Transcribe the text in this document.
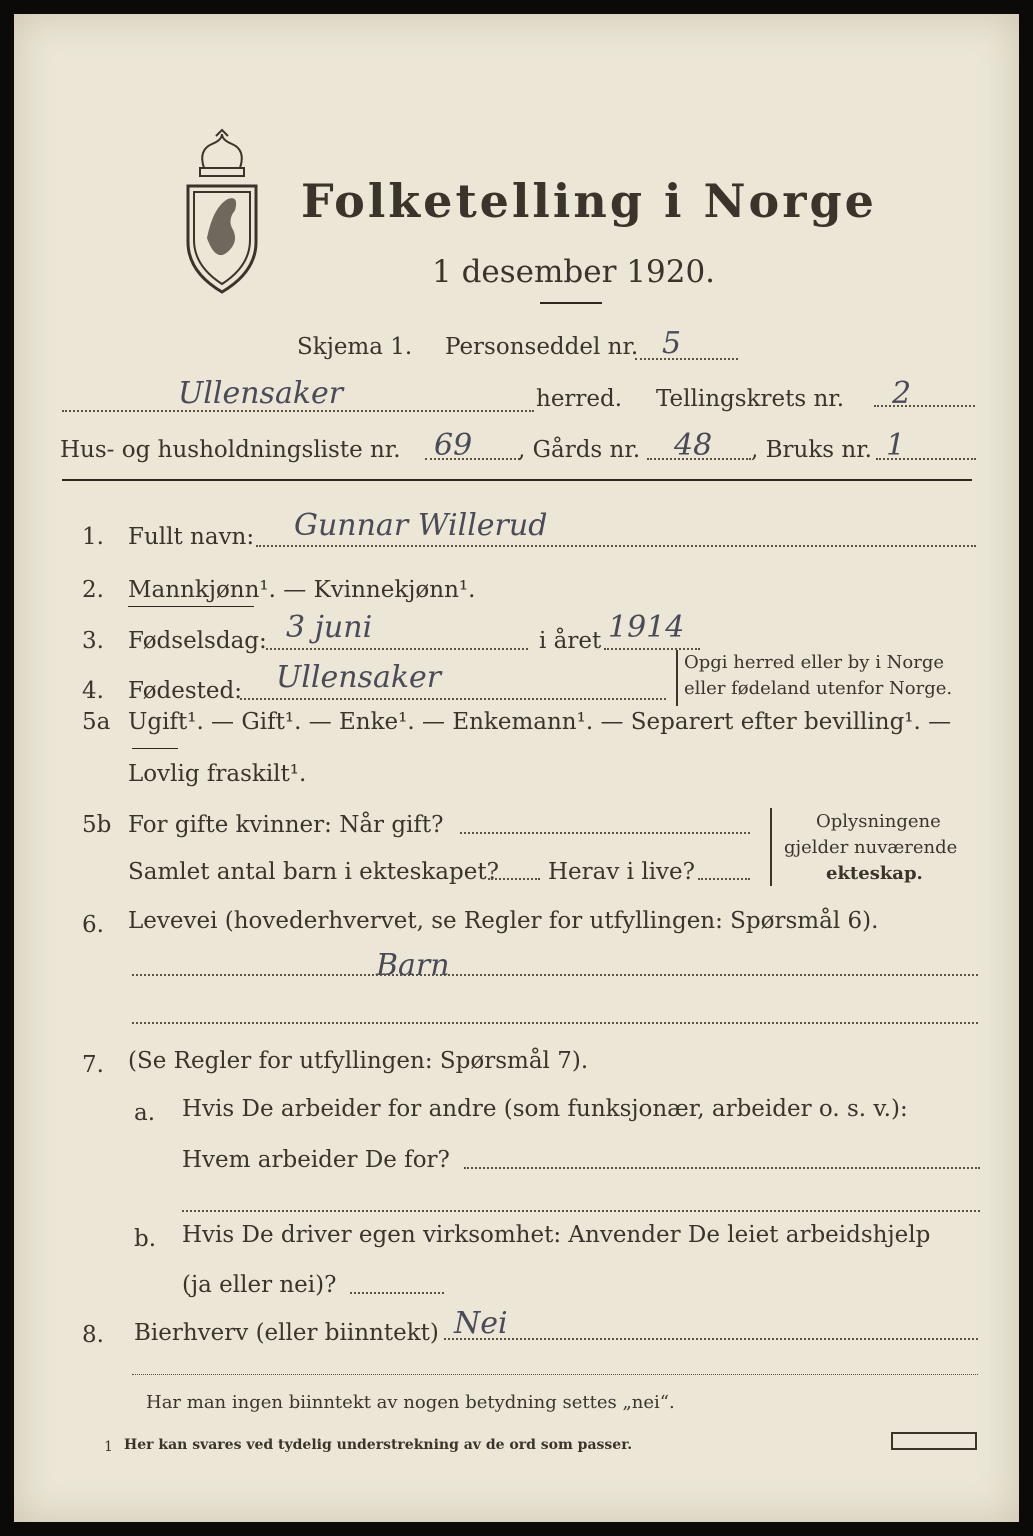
Folketelling i Norge
1 desember 1920.
Skjema 1. Personseddel nr. 5
Ullensaker	herred. Tellingskrets nr. 2
Hus- og husholdningsliste nr. 69 , Gårds nr. 48 , Bruks nr. 1
1. Fullt navn: Gunnar Willerud
2. Mannkjønn¹. — Kvinnekjønn¹.
3. Fødselsdag: 3 juni	i året 1914
4. Fødested: Ullensaker	Opgi herred eller by i Norge
eller fødeland utenfor Norge.
5a Ugift¹. — Gift¹. — Enke¹. — Enkemann¹. — Separert efter bevilling¹. —
Lovlig fraskilt¹.
5b For gifte kvinner: Når gift?
Samlet antal barn i ekteskapet? Herav i live?
Oplysningene
gjelder nuværende
ekteskap.
6. Levevei (hovederhvervet, se Regler for utfyllingen: Spørsmål 6).
Barn
7. (Se Regler for utfyllingen: Spørsmål 7).
a. Hvis De arbeider for andre (som funksjonær, arbeider o. s. v.):
Hvem arbeider De for?
b. Hvis De driver egen virksomhet: Anvender De leiet arbeidshjelp
(ja eller nei)?
8. Bierhverv (eller biinntekt) Nei
Har man ingen biinntekt av nogen betydning settes „nei“.
1 Her kan svares ved tydelig understrekning av de ord som passer.
